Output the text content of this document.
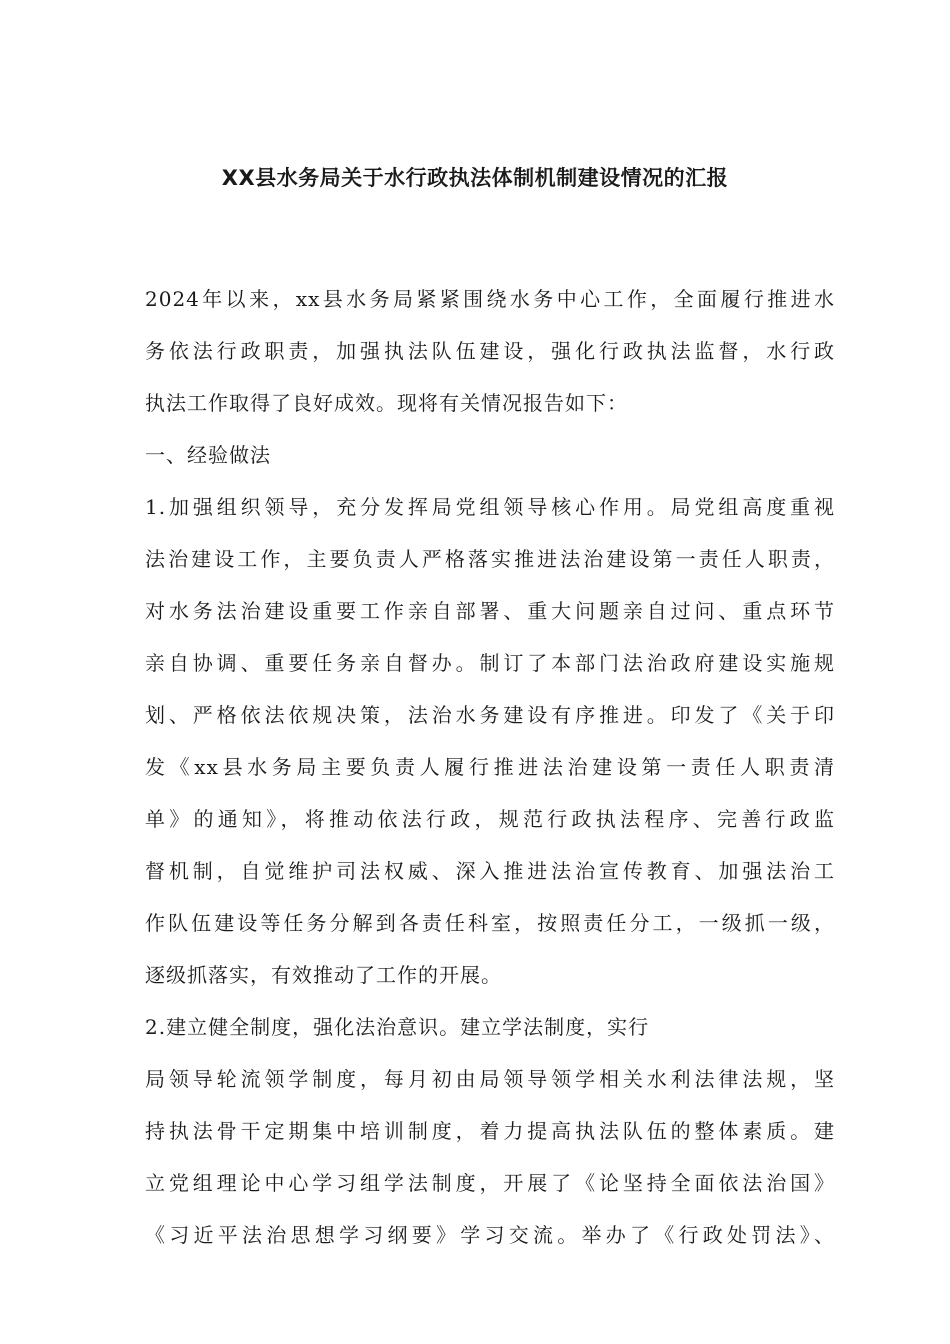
XX县水务局关于水行政执法体制机制建设情况的汇报
2024年以来，xx县水务局紧紧围绕水务中心工作，全面履行推进水
务依法行政职责，加强执法队伍建设，强化行政执法监督，水行政
执法工作取得了良好成效。现将有关情况报告如下：
一、经验做法
1.加强组织领导，充分发挥局党组领导核心作用。局党组高度重视
法治建设工作，主要负责人严格落实推进法治建设第一责任人职责，
对水务法治建设重要工作亲自部署、重大问题亲自过问、重点环节
亲自协调、重要任务亲自督办。制订了本部门法治政府建设实施规
划、严格依法依规决策，法治水务建设有序推进。印发了《关于印
发《xx县水务局主要负责人履行推进法治建设第一责任人职责清
单》的通知》，将推动依法行政，规范行政执法程序、完善行政监
督机制，自觉维护司法权威、深入推进法治宣传教育、加强法治工
作队伍建设等任务分解到各责任科室，按照责任分工，一级抓一级，
逐级抓落实，有效推动了工作的开展。
2.建立健全制度，强化法治意识。建立学法制度，实行
局领导轮流领学制度，每月初由局领导领学相关水利法律法规，坚
持执法骨干定期集中培训制度，着力提高执法队伍的整体素质。建
立党组理论中心学习组学法制度，开展了《论坚持全面依法治国》
《习近平法治思想学习纲要》学习交流。举办了《行政处罚法》、
